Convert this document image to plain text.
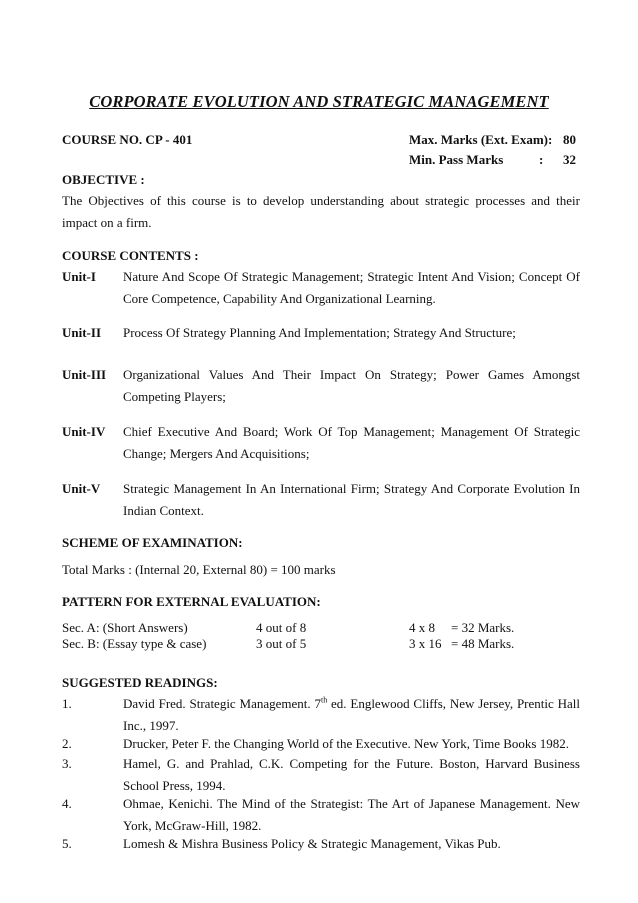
CORPORATE EVOLUTION AND STRATEGIC MANAGEMENT
COURSE NO. CP - 401	Max. Marks (Ext. Exam): 80
Min. Pass Marks	: 32
OBJECTIVE :
The Objectives of this course is to develop understanding about strategic processes and their impact on a firm.
COURSE CONTENTS :
Unit-I Nature And Scope Of Strategic Management; Strategic Intent And Vision; Concept Of Core Competence, Capability And Organizational Learning.
Unit-II Process Of Strategy Planning And Implementation; Strategy And Structure;
Unit-III Organizational Values And Their Impact On Strategy; Power Games Amongst Competing Players;
Unit-IV Chief Executive And Board; Work Of Top Management; Management Of Strategic Change; Mergers And Acquisitions;
Unit-V Strategic Management In An International Firm; Strategy And Corporate Evolution In Indian Context.
SCHEME OF EXAMINATION:
Total Marks : (Internal 20, External 80) = 100 marks
PATTERN FOR EXTERNAL EVALUATION:
Sec. A: (Short Answers)	4 out of 8	4 x 8 = 32 Marks.
Sec. B: (Essay type & case)	3 out of 5	3 x 16 = 48 Marks.
SUGGESTED READINGS:
1.	David Fred. Strategic Management. 7th ed. Englewood Cliffs, New Jersey, Prentic Hall Inc., 1997.
2.	Drucker, Peter F. the Changing World of the Executive. New York, Time Books 1982.
3.	Hamel, G. and Prahlad, C.K. Competing for the Future. Boston, Harvard Business School Press, 1994.
4.	Ohmae, Kenichi. The Mind of the Strategist: The Art of Japanese Management. New York, McGraw-Hill, 1982.
5.	Lomesh & Mishra Business Policy & Strategic Management, Vikas Pub.
